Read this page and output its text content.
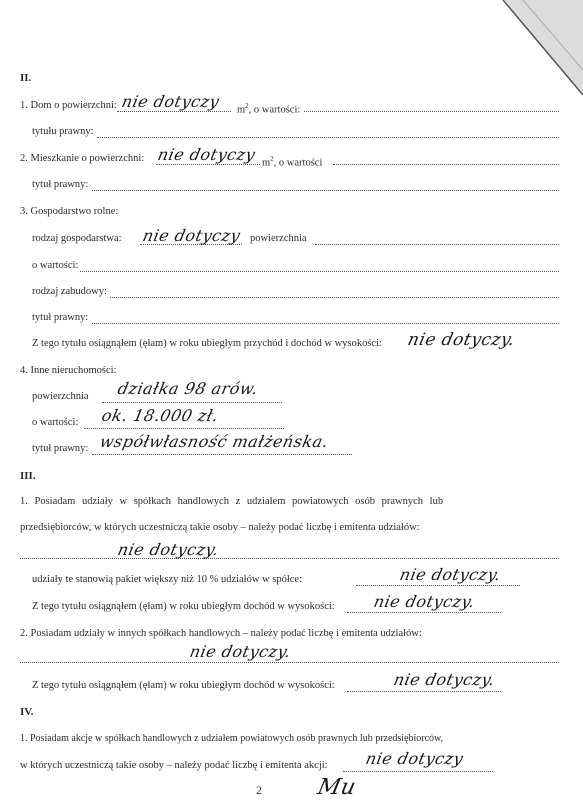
II.
1. Dom o powierzchni: nie dotyczy $m^2$, o wartości:
tytułu prawny:
2. Mieszkanie o powierzchni: nie dotyczy $m^2$, o wartości
tytuł prawny:
3. Gospodarstwo rolne:
rodzaj gospodarstwa: nie dotyczy powierzchnia
o wartości:
rodzaj zabudowy:
tytuł prawny:
Z tego tytułu osiągnąłem (ęłam) w roku ubiegłym przychód i dochód w wysokości: nie dotyczy.
4. Inne nieruchomości:
powierzchnia działka 98 arów.
o wartości: ok. 18.000 zł.
tytuł prawny: współwłasność małżeńska.
III.
1. Posiadam udziały w spółkach handlowych z udziałem powiatowych osób prawnych lub
przedsiębiorców, w których uczestniczą takie osoby – należy podać liczbę i emitenta udziałów:
nie dotyczy.
udziały te stanowią pakiet większy niż 10 % udziałów w spółce:	nie dotyczy.
Z tego tytułu osiągnąłem (ęłam) w roku ubiegłym dochód w wysokości: nie dotyczy.
2. Posiadam udziały w innych spółkach handlowych – należy podać liczbę i emitenta udziałów:
nie dotyczy.
Z tego tytułu osiągnąłem (ęłam) w roku ubiegłym dochód w wysokości:	nie dotyczy.
IV.
1. Posiadam akcje w spółkach handlowych z udziałem powiatowych osób prawnych lub przedsiębiorców,
w których uczestniczą takie osoby – należy podać liczbę i emitenta akcji: nie dotyczy
2 Mu
